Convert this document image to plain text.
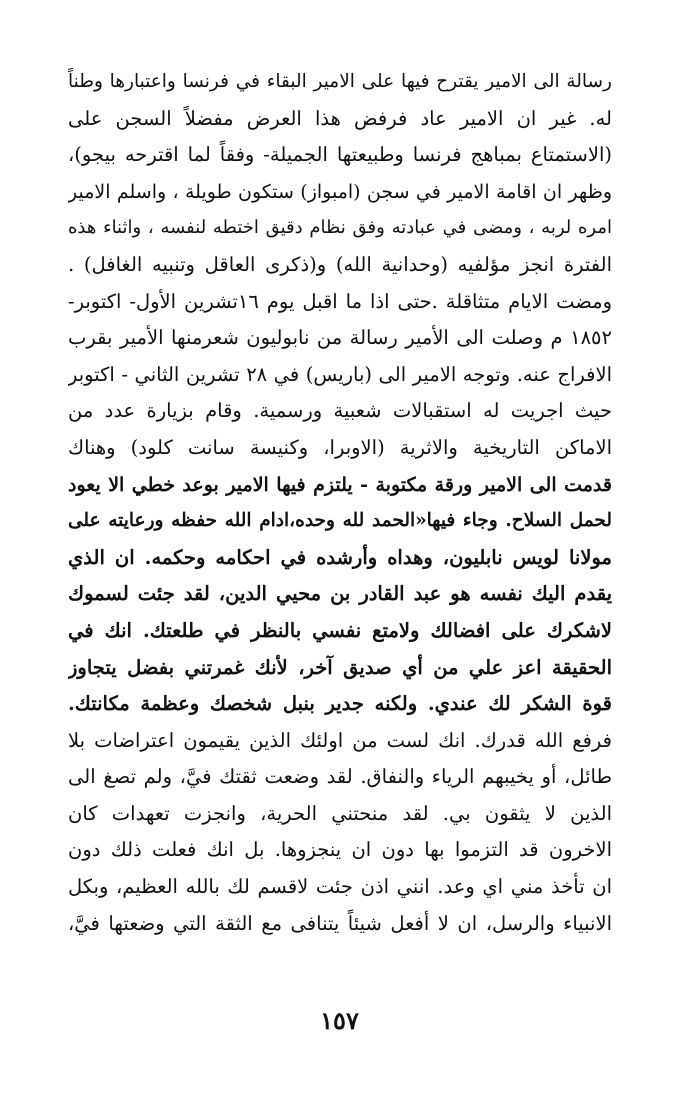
رسالة الى الامير يقترح فيها على الامير البقاء في فرنسا واعتبارها وطناً
له. غير ان الامير عاد فرفض هذا العرض مفضلاً السجن على
(الاستمتاع بمباهج فرنسا وطبيعتها الجميلة- وفقاً لما اقترحه بيجو)،
وظهر ان اقامة الامير في سجن (امبواز) ستكون طويلة ، واسلم الامير
امره لربه ، ومضى في عبادته وفق نظام دقيق اختطه لنفسه ، واثناء هذه
الفترة انجز مؤلفيه (وحدانية الله) و(ذكرى العاقل وتنبيه الغافل) .
ومضت الايام متثاقلة .حتى اذا ما اقبل يوم ١٦تشرين الأول- اكتوبر-
١٨٥٢ م وصلت الى الأمير رسالة من نابوليون شعرمنها الأمير بقرب
الافراج عنه. وتوجه الامير الى (باريس) في ٢٨ تشرين الثاني - اكتوبر
حيث اجريت له استقبالات شعبية ورسمية. وقام بزيارة عدد من
الاماكن التاريخية والاثرية (الاوبرا، وكنيسة سانت كلود) وهناك
قدمت الى الامير ورقة مكتوبة - يلتزم فيها الامير بوعد خطي الا يعود
لحمل السلاح. وجاء فيها«الحمد لله وحده،ادام الله حفظه ورعايته على
مولانا لويس نابليون، وهداه وأرشده في احكامه وحكمه. ان الذي
يقدم اليك نفسه هو عبد القادر بن محيي الدين، لقد جئت لسموك
لاشكرك على افضالك ولامتع نفسي بالنظر في طلعتك. انك في
الحقيقة اعز علي من أي صديق آخر، لأنك غمرتني بفضل يتجاوز
قوة الشكر لك عندي. ولكنه جدير بنبل شخصك وعظمة مكانتك.
فرفع الله قدرك. انك لست من اولئك الذين يقيمون اعتراضات بلا
طائل، أو يخيبهم الرياء والنفاق. لقد وضعت ثقتك فيَّ، ولم تصغ الى
الذين لا يثقون بي. لقد منحتني الحرية، وانجزت تعهدات كان
الاخرون قد التزموا بها دون ان ينجزوها. بل انك فعلت ذلك دون
ان تأخذ مني اي وعد. انني اذن جئت لاقسم لك بالله العظيم، وبكل
الانبياء والرسل، ان لا أفعل شيئاً يتنافى مع الثقة التي وضعتها فيَّ،
١٥٧
